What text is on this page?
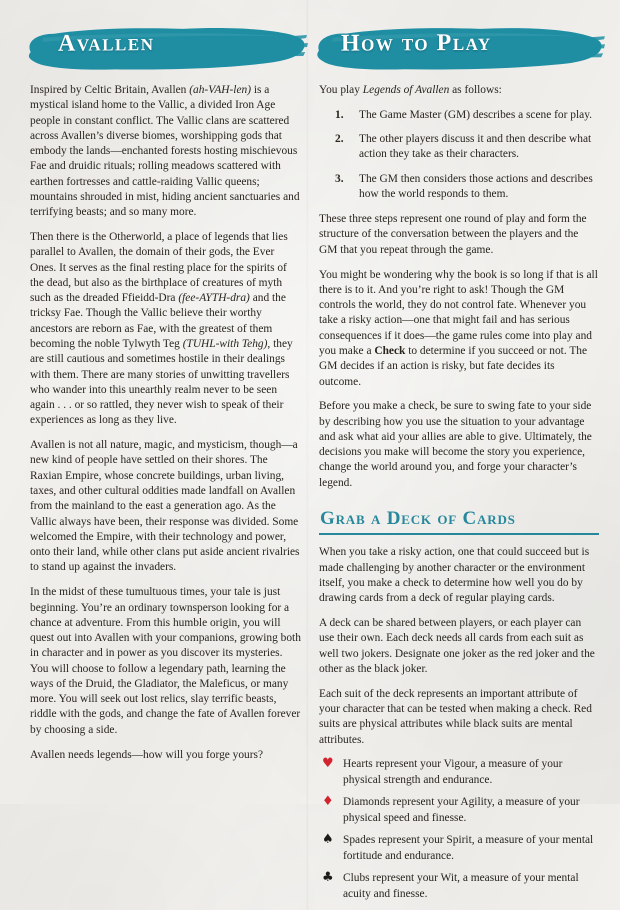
Avallen

Inspired by Celtic Britain, Avallen (ah-VAH-len) is a mystical island home to the Vallic, a divided Iron Age people in constant conflict. The Vallic clans are scattered across Avallen’s diverse biomes, worshipping gods that embody the lands—enchanted forests hosting mischievous Fae and druidic rituals; rolling meadows scattered with earthen fortresses and cattle-raiding Vallic queens; mountains shrouded in mist, hiding ancient sanctuaries and terrifying beasts; and so many more.

Then there is the Otherworld, a place of legends that lies parallel to Avallen, the domain of their gods, the Ever Ones. It serves as the final resting place for the spirits of the dead, but also as the birthplace of creatures of myth such as the dreaded Ffieidd-Dra (fee-AYTH-dra) and the tricksy Fae. Though the Vallic believe their worthy ancestors are reborn as Fae, with the greatest of them becoming the noble Tylwyth Teg (TUHL-with Tehg), they are still cautious and sometimes hostile in their dealings with them. There are many stories of unwitting travellers who wander into this unearthly realm never to be seen again . . . or so rattled, they never wish to speak of their experiences as long as they live.

Avallen is not all nature, magic, and mysticism, though—a new kind of people have settled on their shores. The Raxian Empire, whose concrete buildings, urban living, taxes, and other cultural oddities made landfall on Avallen from the mainland to the east a generation ago. As the Vallic always have been, their response was divided. Some welcomed the Empire, with their technology and power, onto their land, while other clans put aside ancient rivalries to stand up against the invaders.

In the midst of these tumultuous times, your tale is just beginning. You’re an ordinary townsperson looking for a chance at adventure. From this humble origin, you will quest out into Avallen with your companions, growing both in character and in power as you discover its mysteries. You will choose to follow a legendary path, learning the ways of the Druid, the Gladiator, the Maleficus, or many more. You will seek out lost relics, slay terrific beasts, riddle with the gods, and change the fate of Avallen forever by choosing a side.

Avallen needs legends—how will you forge yours?

How to Play

You play Legends of Avallen as follows:

1.	The Game Master (GM) describes a scene for play.
2.	The other players discuss it and then describe what action they take as their characters.
3.	The GM then considers those actions and describes how the world responds to them.

These three steps represent one round of play and form the structure of the conversation between the players and the GM that you repeat through the game.

You might be wondering why the book is so long if that is all there is to it. And you’re right to ask! Though the GM controls the world, they do not control fate. Whenever you take a risky action—one that might fail and has serious consequences if it does—the game rules come into play and you make a Check to determine if you succeed or not. The GM decides if an action is risky, but fate decides its outcome.

Before you make a check, be sure to swing fate to your side by describing how you use the situation to your advantage and ask what aid your allies are able to give. Ultimately, the decisions you make will become the story you experience, change the world around you, and forge your character’s legend.

Grab a Deck of Cards

When you take a risky action, one that could succeed but is made challenging by another character or the environment itself, you make a check to determine how well you do by drawing cards from a deck of regular playing cards.

A deck can be shared between players, or each player can use their own. Each deck needs all cards from each suit as well two jokers. Designate one joker as the red joker and the other as the black joker.

Each suit of the deck represents an important attribute of your character that can be tested when making a check. Red suits are physical attributes while black suits are mental attributes.

♥ Hearts represent your Vigour, a measure of your physical strength and endurance.
♦ Diamonds represent your Agility, a measure of your physical speed and finesse.
♠ Spades represent your Spirit, a measure of your mental fortitude and endurance.
♣ Clubs represent your Wit, a measure of your mental acuity and finesse.
